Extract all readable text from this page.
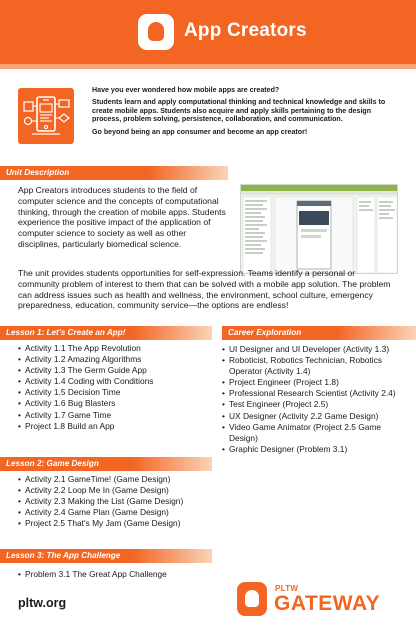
App Creators

Have you ever wondered how mobile apps are created?

Students learn and apply computational thinking and technical knowledge and skills to create mobile apps. Students also acquire and apply skills pertaining to the design process, problem solving, persistence, collaboration, and communication.

Go beyond being an app consumer and become an app creator!

Unit Description
App Creators introduces students to the field of computer science and the concepts of computational thinking, through the creation of mobile apps. Students experience the positive impact of the application of computer science to society as well as other disciplines, particularly biomedical science.
The unit provides students opportunities for self-expression. Teams identify a personal or community problem of interest to them that can be solved with a mobile app solution. The problem can address issues such as health and wellness, the environment, school culture, emergency preparedness, education, community service—the options are endless!
Lesson 1: Let's Create an App!
• Activity 1.1 The App Revolution
• Activity 1.2 Amazing Algorithms
• Activity 1.3 The Germ Guide App
• Activity 1.4 Coding with Conditions
• Activity 1.5 Decision Time
• Activity 1.6 Bug Blasters
• Activity 1.7 Game Time
• Project 1.8 Build an App
Lesson 2: Game Design
• Activity 2.1 GameTime! (Game Design)
• Activity 2.2 Loop Me In (Game Design)
• Activity 2.3 Making the List (Game Design)
• Activity 2.4 Game Plan (Game Design)
• Project 2.5 That's My Jam (Game Design)
Lesson 3: The App Challenge
• Problem 3.1 The Great App Challenge
Career Exploration
• UI Designer and UI Developer (Activity 1.3)
• Roboticist, Robotics Technician, Robotics Operator (Activity 1.4)
• Project Engineer (Project 1.8)
• Professional Research Scientist (Activity 2.4)
• Test Engineer (Project 2.5)
• UX Designer (Activity 2.2 Game Design)
• Video Game Animator (Project 2.5 Game Design)
• Graphic Designer (Problem 3.1)
pltw.org
PLTW
GATEWAY
